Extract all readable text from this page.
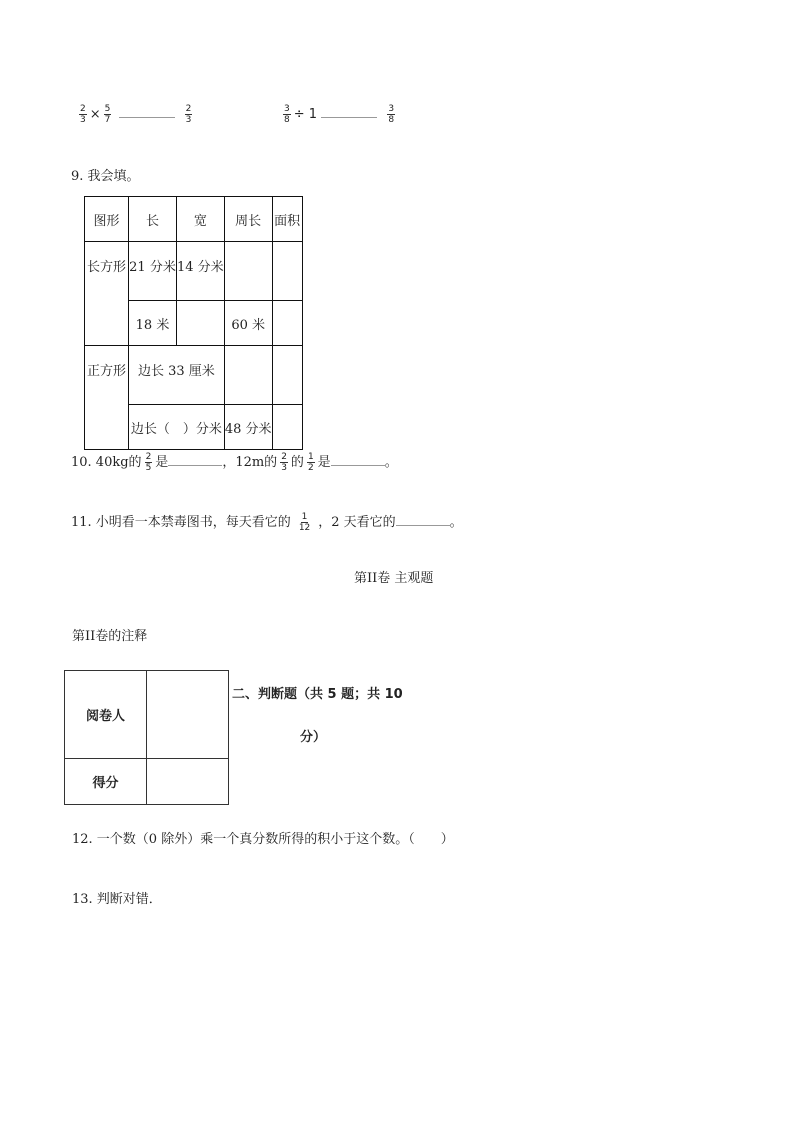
$\frac{2}{3} \times \frac{5}{7}$
	$\frac{2}{3}$	$\frac{3}{8} \div 1$	$\frac{3}{8}$
9. 我会填。
图形	长	宽	周长	面积
长方形	21 分米	14 分米		
	18 米		60 米	
正方形	边长 33 厘米			
	边长（　）分米		48 分米	
10. 40kg的 $\frac{2}{5}$ 是	，12m的 $\frac{2}{3}$ 的 $\frac{1}{2}$ 是	。
11. 小明看一本禁毒图书，每天看它的 $\frac{1}{12}$ ，2 天看它的	。
第II卷 主观题
第II卷的注释
阅卷人	
得分	
二、判断题（共 5 题；共 10
分）
12. 一个数（0 除外）乘一个真分数所得的积小于这个数。（　　）
13. 判断对错．
